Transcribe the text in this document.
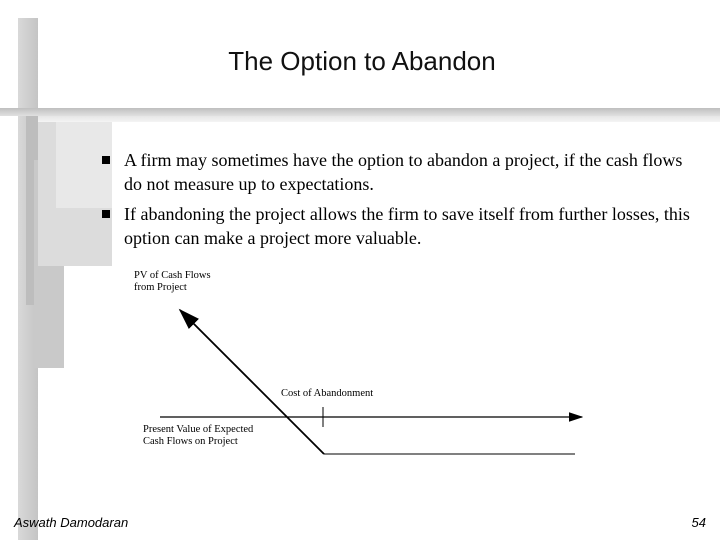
The Option to Abandon
A firm may sometimes have the option to abandon a project, if the cash flows do not measure up to expectations.
If abandoning the project allows the firm to save itself from further losses, this option can make a project more valuable.
PV of Cash Flows
from Project
Cost of Abandonment
Present Value of Expected
Cash Flows on Project
Aswath Damodaran	54
